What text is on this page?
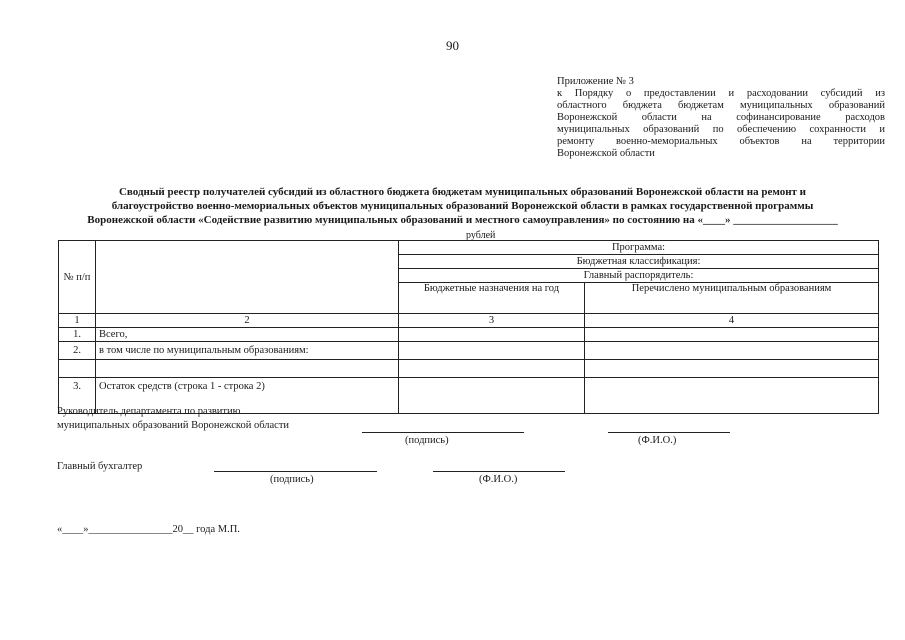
90
Приложение № 3
к Порядку о предоставлении и расходовании субсидий из
областного бюджета бюджетам муниципальных образований
Воронежской области на софинансирование расходов
муниципальных образований по обеспечению сохранности и
ремонту военно-мемориальных объектов на территории
Воронежской области
Сводный реестр получателей субсидий из областного бюджета бюджетам муниципальных образований Воронежской области на ремонт и
благоустройство военно-мемориальных объектов муниципальных образований Воронежской области в рамках государственной программы
Воронежской области «Содействие развитию муниципальных образований и местного самоуправления» по состоянию на «____» ___________________
рублей
№ п/п		Программа:	
		Бюджетная классификация:	
		Главный распорядитель:	
		Бюджетные назначения на год	Перечислено муниципальным образованиям
1	2	3	4
1.	Всего,		
2.	в том числе по муниципальным образованиям:		

3.	Остаток средств (строка 1 - строка 2)		
Руководитель департамента по развитию
муниципальных образований Воронежской области
(подпись)	(Ф.И.О.)
Главный бухгалтер
(подпись)	(Ф.И.О.)
«____»________________20__ года М.П.
